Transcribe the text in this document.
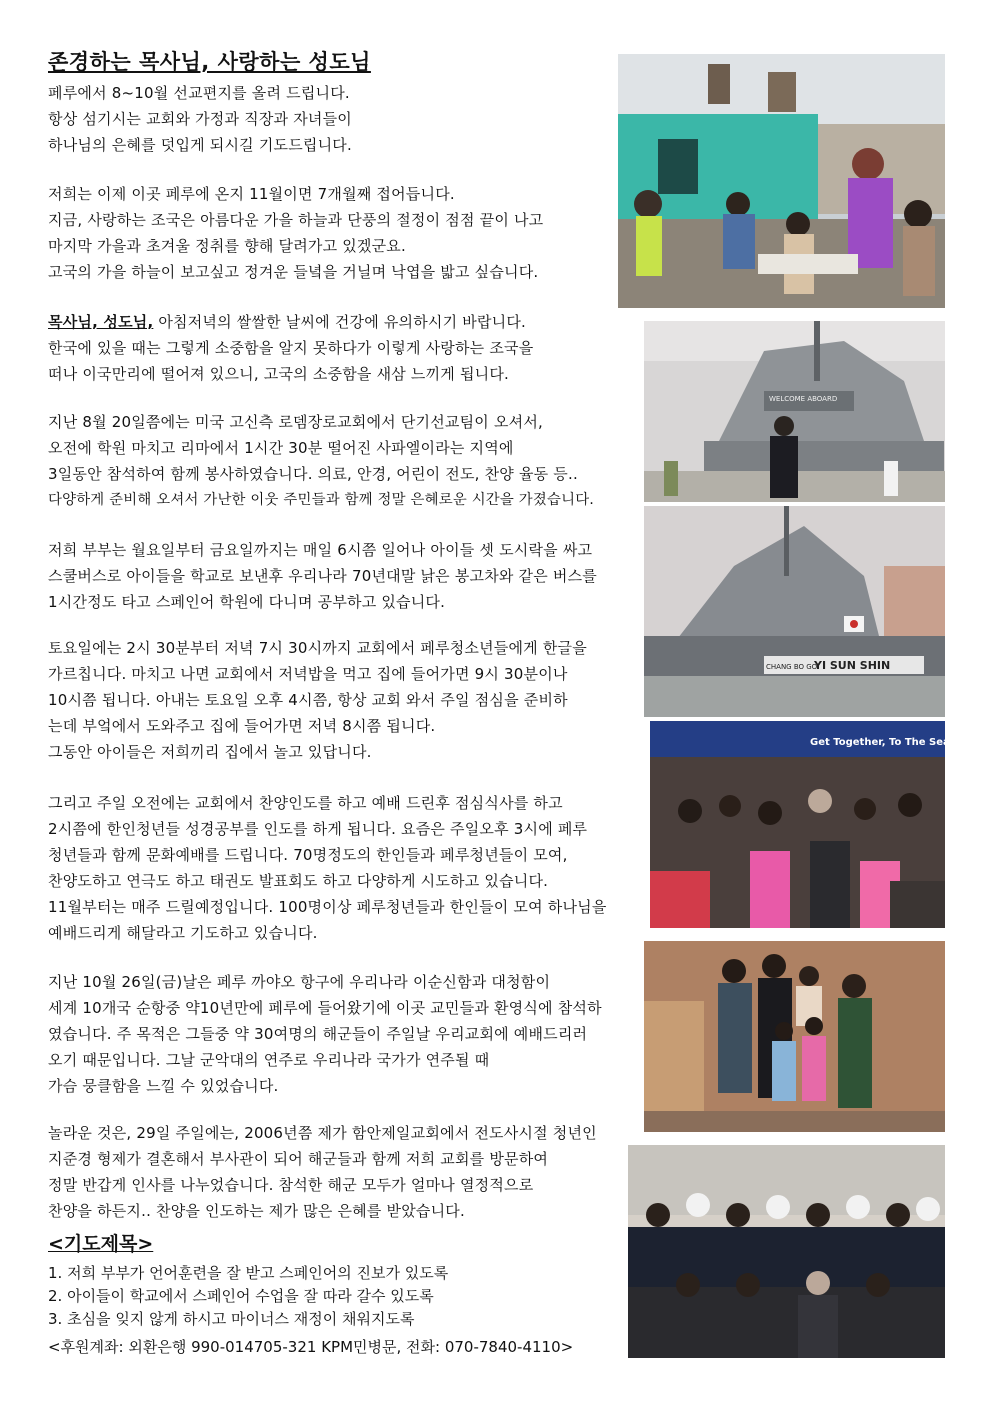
존경하는 목사님, 사랑하는 성도님

페루에서 8~10월 선교편지를 올려 드립니다.

항상 섬기시는 교회와 가정과 직장과 자녀들이

하나님의 은혜를 덧입게 되시길 기도드립니다.

저희는 이제 이곳 페루에 온지 11월이면 7개월째 접어듭니다.

지금, 사랑하는 조국은 아름다운 가을 하늘과 단풍의 절정이 점점 끝이 나고

마지막 가을과 초겨울 정취를 향해 달려가고 있겠군요.

고국의 가을 하늘이 보고싶고 정겨운 들녘을 거닐며 낙엽을 밟고 싶습니다.

목사님, 성도님, 아침저녁의 쌀쌀한 날씨에 건강에 유의하시기 바랍니다.

한국에 있을 때는 그렇게 소중함을 알지 못하다가 이렇게 사랑하는 조국을

떠나 이국만리에 떨어져 있으니, 고국의 소중함을 새삼 느끼게 됩니다.

지난 8월 20일쯤에는 미국 고신측 로뎀장로교회에서 단기선교팀이 오셔서,

오전에 학원 마치고 리마에서 1시간 30분 떨어진 사파엘이라는 지역에

3일동안 참석하여 함께 봉사하였습니다. 의료, 안경, 어린이 전도, 찬양 율동 등..

다양하게 준비해 오셔서 가난한 이웃 주민들과 함께 정말 은혜로운 시간을 가졌습니다.

저희 부부는 월요일부터 금요일까지는 매일 6시쯤 일어나 아이들 셋 도시락을 싸고

스쿨버스로 아이들을 학교로 보낸후 우리나라 70년대말 낡은 봉고차와 같은 버스를

1시간정도 타고 스페인어 학원에 다니며 공부하고 있습니다.

토요일에는 2시 30분부터 저녁 7시 30시까지 교회에서 페루청소년들에게 한글을

가르칩니다. 마치고 나면 교회에서 저녁밥을 먹고 집에 들어가면 9시 30분이나

10시쯤 됩니다. 아내는 토요일 오후 4시쯤, 항상 교회 와서 주일 점심을 준비하

는데 부엌에서 도와주고 집에 들어가면 저녁 8시쯤 됩니다.

그동안 아이들은 저희끼리 집에서 놀고 있답니다.

그리고 주일 오전에는 교회에서 찬양인도를 하고 예배 드린후 점심식사를 하고

2시쯤에 한인청년들 성경공부를 인도를 하게 됩니다. 요즘은 주일오후 3시에 페루

청년들과 함께 문화예배를 드립니다. 70명정도의 한인들과 페루청년들이 모여,

찬양도하고 연극도 하고 태권도 발표회도 하고 다양하게 시도하고 있습니다.

11월부터는 매주 드릴예정입니다. 100명이상 페루청년들과 한인들이 모여 하나님을

예배드리게 해달라고 기도하고 있습니다.

지난 10월 26일(금)날은 페루 까야오 항구에 우리나라 이순신함과 대청함이

세계 10개국 순항중 약10년만에 페루에 들어왔기에 이곳 교민들과 환영식에 참석하

였습니다. 주 목적은 그들중 약 30여명의 해군들이 주일날 우리교회에 예배드리러

오기 때문입니다. 그날 군악대의 연주로 우리나라 국가가 연주될 때

가슴 뭉클함을 느낄 수 있었습니다.

놀라운 것은, 29일 주일에는, 2006년쯤 제가 함안제일교회에서 전도사시절 청년인

지준경 형제가 결혼해서 부사관이 되어 해군들과 함께 저희 교회를 방문하여

정말 반갑게 인사를 나누었습니다. 참석한 해군 모두가 얼마나 열정적으로

찬양을 하든지.. 찬양을 인도하는 제가 많은 은혜를 받았습니다.

<기도제목>

1. 저희 부부가 언어훈련을 잘 받고 스페인어의 진보가 있도록

2. 아이들이 학교에서 스페인어 수업을 잘 따라 갈수 있도록

3. 초심을 잊지 않게 하시고 마이너스 재정이 채워지도록

<후원계좌: 외환은행 990-014705-321 KPM민병문, 전화: 070-7840-4110>
WELCOME ABOARD
YI SUN SHIN
CHANG BO GO
Get Together, To The Sea! To
